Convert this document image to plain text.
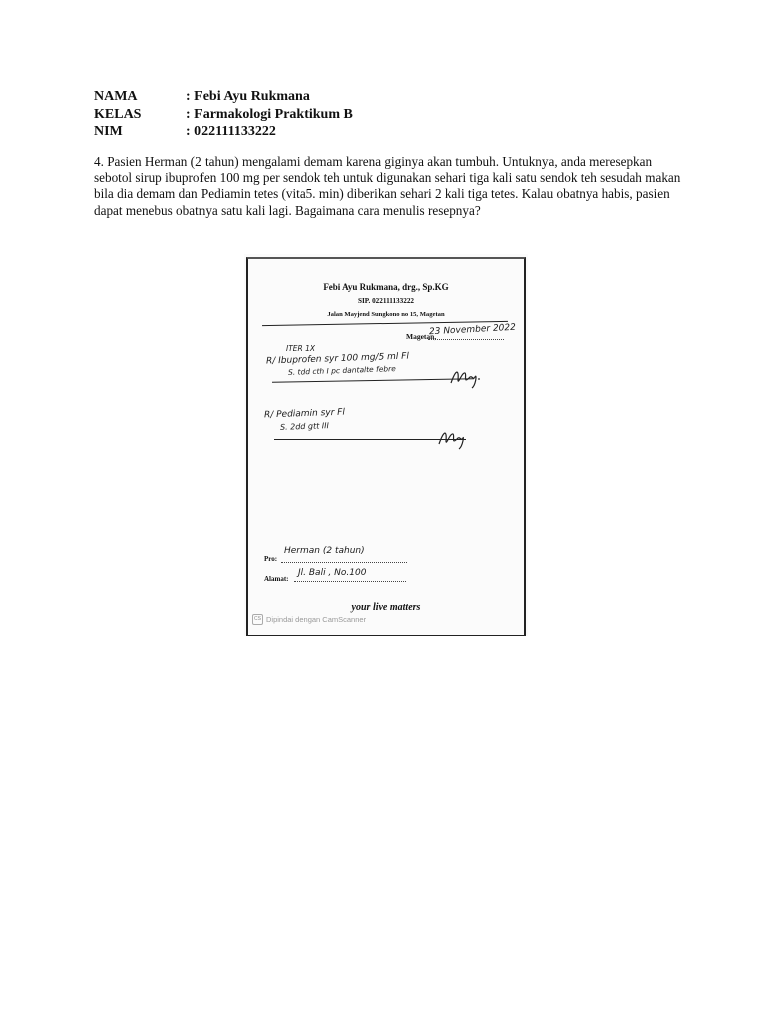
NAMA	: Febi Ayu Rukmana
KELAS	: Farmakologi Praktikum B
NIM	: 022111133222

4. Pasien Herman (2 tahun) mengalami demam karena giginya akan tumbuh. Untuknya, anda meresepkan sebotol sirup ibuprofen 100 mg per sendok teh untuk digunakan sehari tiga kali satu sendok teh sesudah makan bila dia demam dan Pediamin tetes (vita5. min) diberikan sehari 2 kali tiga tetes. Kalau obatnya habis, pasien dapat menebus obatnya satu kali lagi. Bagaimana cara menulis resepnya?

Febi Ayu Rukmana, drg., Sp.KG
SIP. 022111133222
Jalan Mayjend Sungkono no 15, Magetan
Magetan,
23 November 2022
ITER 1X
R/ Ibuprofen syr 100 mg/5 ml Fl
S. tdd cth I pc dantalte febre
R/ Pediamin syr Fl
S. 2dd gtt III
Pro:
Herman (2 tahun)
Alamat:
Jl. Bali , No.100
your live matters
CS Dipindai dengan CamScanner
